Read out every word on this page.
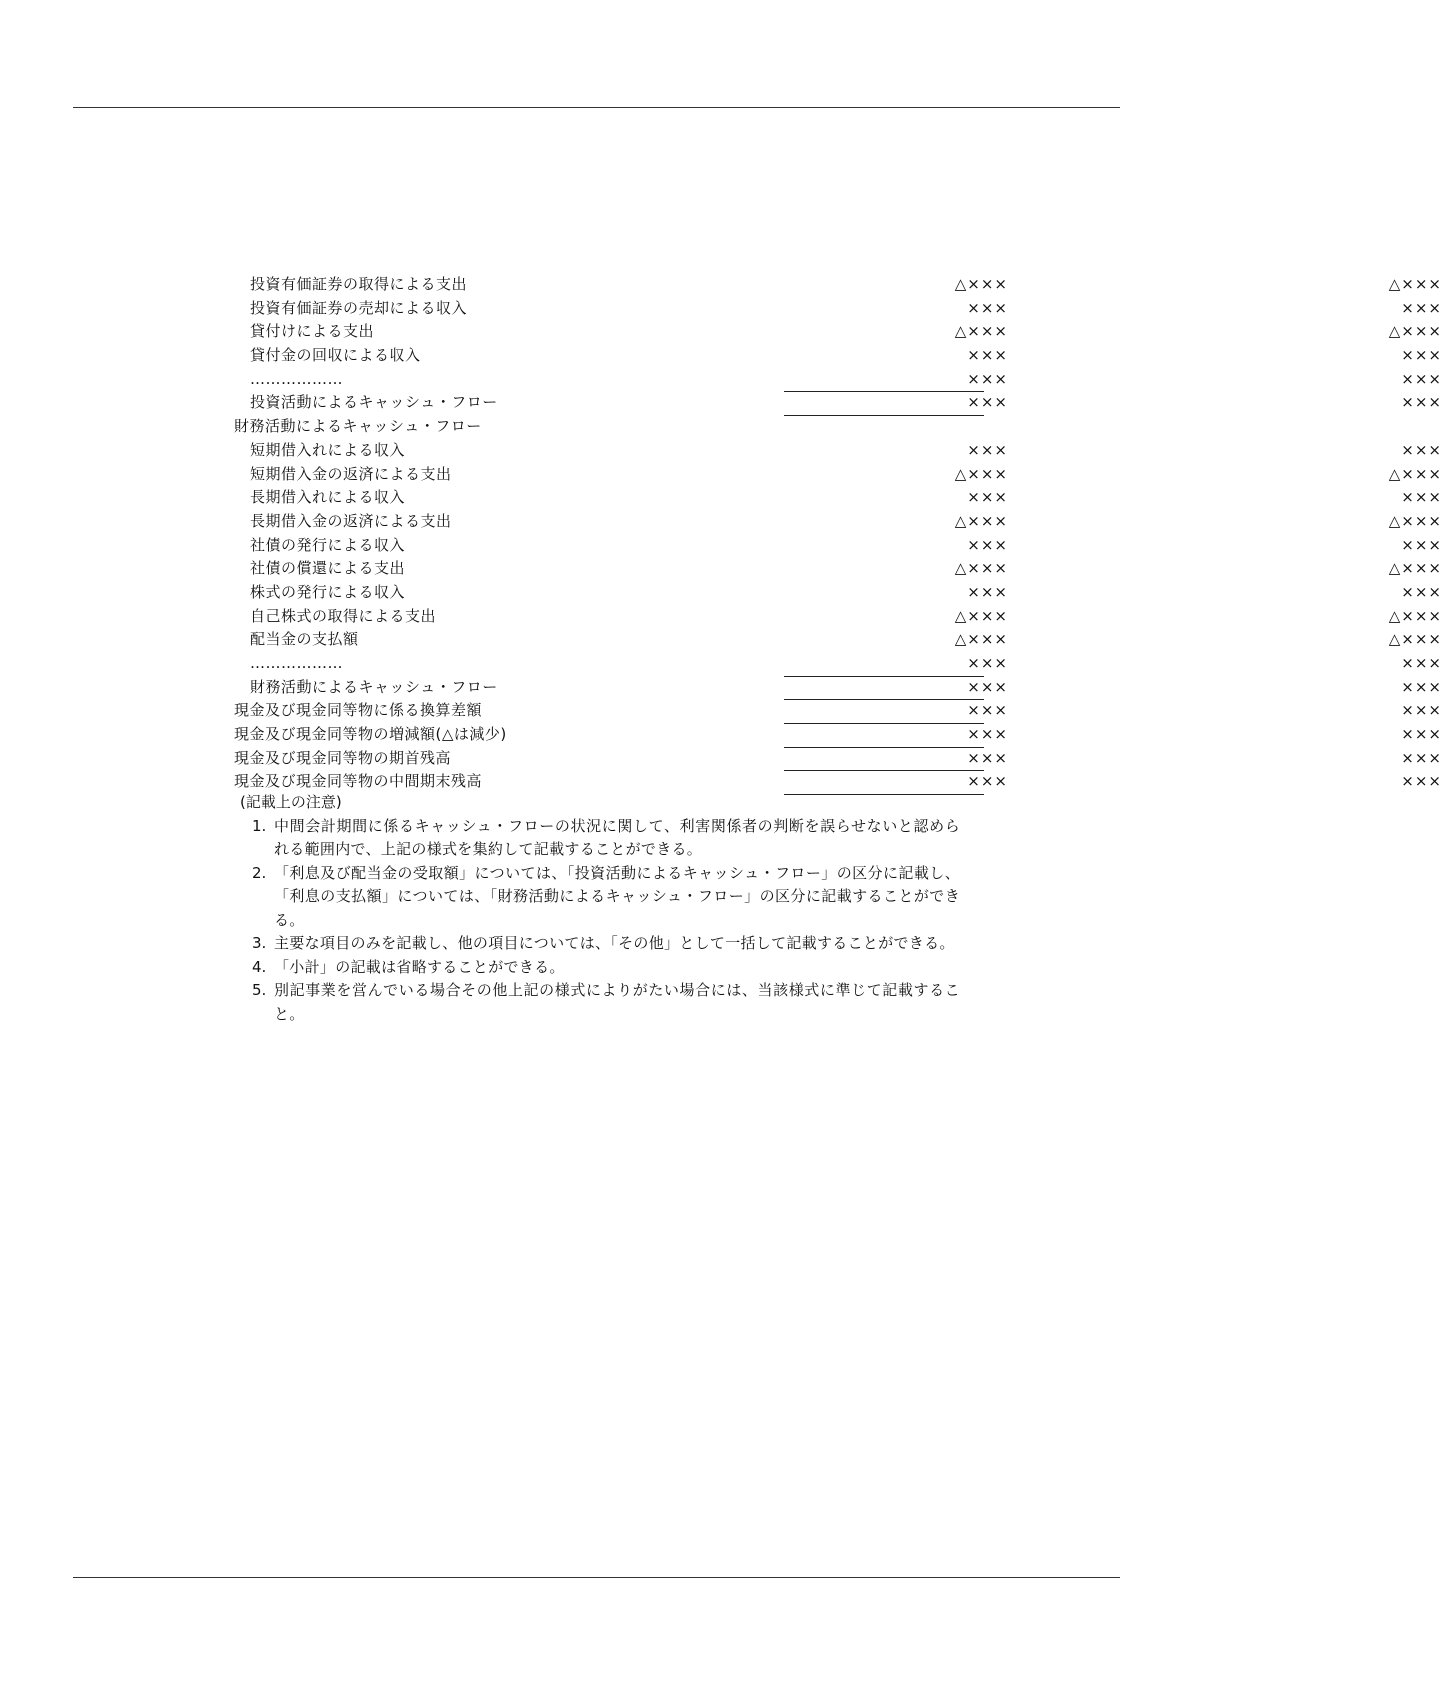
投資有価証券の取得による支出	△×××	△×××
投資有価証券の売却による収入	×××	×××
貸付けによる支出	△×××	△×××
貸付金の回収による収入	×××	×××
………………	×××	×××
投資活動によるキャッシュ・フロー	×××	×××
財務活動によるキャッシュ・フロー
短期借入れによる収入	×××	×××
短期借入金の返済による支出	△×××	△×××
長期借入れによる収入	×××	×××
長期借入金の返済による支出	△×××	△×××
社債の発行による収入	×××	×××
社債の償還による支出	△×××	△×××
株式の発行による収入	×××	×××
自己株式の取得による支出	△×××	△×××
配当金の支払額	△×××	△×××
………………	×××	×××
財務活動によるキャッシュ・フロー	×××	×××
現金及び現金同等物に係る換算差額	×××	×××
現金及び現金同等物の増減額(△は減少)	×××	×××
現金及び現金同等物の期首残高	×××	×××
現金及び現金同等物の中間期末残高	×××	×××
(記載上の注意)
1. 中間会計期間に係るキャッシュ・フローの状況に関して、利害関係者の判断を誤らせないと認められる範囲内で、上記の様式を集約して記載することができる。
2. 「利息及び配当金の受取額」については、「投資活動によるキャッシュ・フロー」の区分に記載し、「利息の支払額」については、「財務活動によるキャッシュ・フロー」の区分に記載することができる。
3. 主要な項目のみを記載し、他の項目については、「その他」として一括して記載することができる。
4. 「小計」の記載は省略することができる。
5. 別記事業を営んでいる場合その他上記の様式によりがたい場合には、当該様式に準じて記載すること。
